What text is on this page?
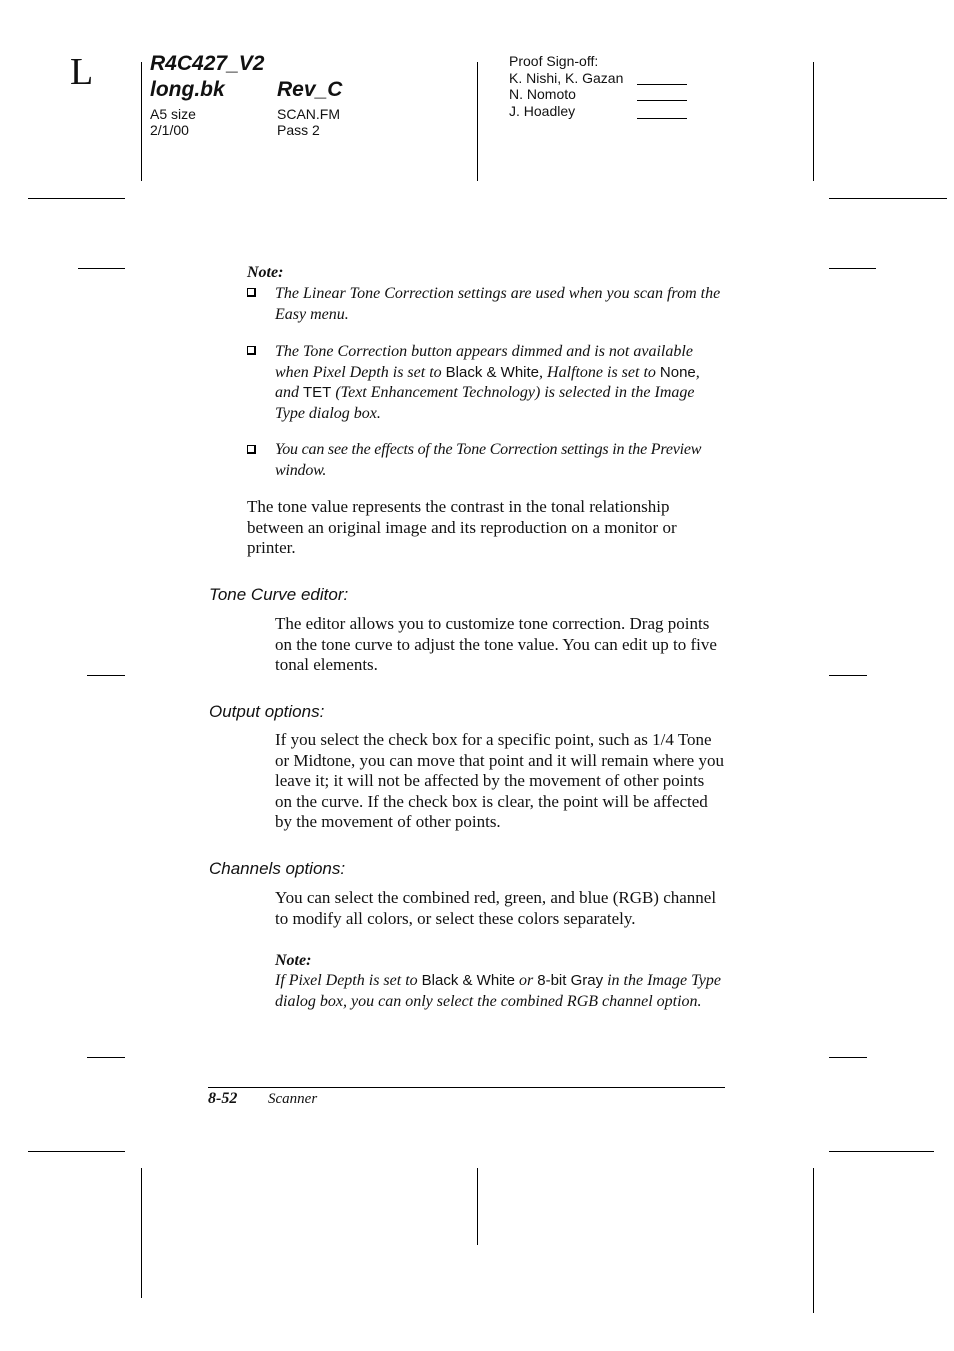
L	R4C427_V2
long.bk Rev_C
A5 size
2/1/00
SCAN.FM
Pass 2
Proof Sign-off:
K. Nishi, K. Gazan
N. Nomoto
J. Hoadley
Note:
The Linear Tone Correction settings are used when you scan from the Easy menu.
The Tone Correction button appears dimmed and is not available when Pixel Depth is set to Black & White, Halftone is set to None, and TET (Text Enhancement Technology) is selected in the Image Type dialog box.
You can see the effects of the Tone Correction settings in the Preview window.
The tone value represents the contrast in the tonal relationship between an original image and its reproduction on a monitor or printer.
Tone Curve editor:
The editor allows you to customize tone correction. Drag points on the tone curve to adjust the tone value. You can edit up to five tonal elements.
Output options:
If you select the check box for a specific point, such as 1/4 Tone or Midtone, you can move that point and it will remain where you leave it; it will not be affected by the movement of other points on the curve. If the check box is clear, the point will be affected by the movement of other points.
Channels options:
You can select the combined red, green, and blue (RGB) channel to modify all colors, or select these colors separately.
Note:
If Pixel Depth is set to Black & White or 8-bit Gray in the Image Type dialog box, you can only select the combined RGB channel option.
8-52 Scanner
